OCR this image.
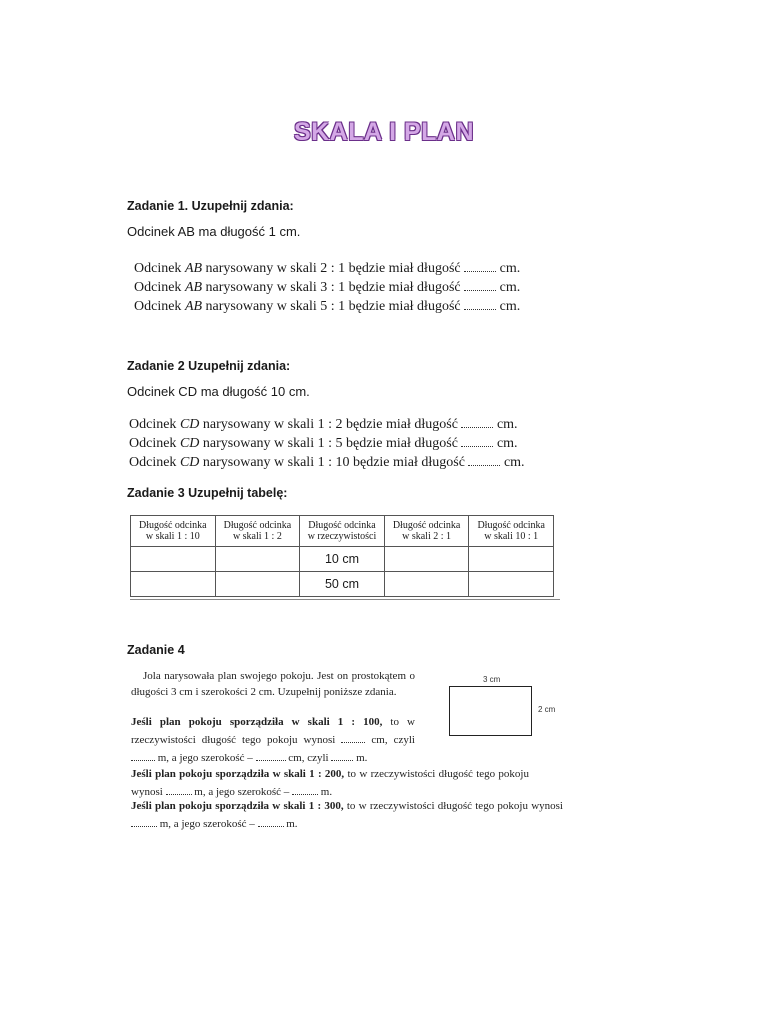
SKALA I PLAN
Zadanie 1. Uzupełnij zdania:
Odcinek AB ma długość 1 cm.
Odcinek AB narysowany w skali 2 : 1 będzie miał długość  cm.
Odcinek AB narysowany w skali 3 : 1 będzie miał długość  cm.
Odcinek AB narysowany w skali 5 : 1 będzie miał długość  cm.
Zadanie 2 Uzupełnij zdania:
Odcinek CD ma długość 10 cm.
Odcinek CD narysowany w skali 1 : 2 będzie miał długość  cm.
Odcinek CD narysowany w skali 1 : 5 będzie miał długość  cm.
Odcinek CD narysowany w skali 1 : 10 będzie miał długość  cm.
Zadanie 3 Uzupełnij tabelę:
Długość odcinka
w skali 1 : 10	Długość odcinka
w skali 1 : 2	Długość odcinka
w rzeczywistości	Długość odcinka
w skali 2 : 1	Długość odcinka
w skali 10 : 1
		10 cm		
		50 cm		
Zadanie 4
Jola narysowała plan swojego pokoju. Jest on prostokątem o długości 3 cm i szerokości 2 cm. Uzupełnij poniższe zdania.
Jeśli plan pokoju sporządziła w skali 1 : 100, to w rzeczywistości długość tego pokoju wynosi  cm, czyli  m, a jego szerokość –	cm, czyli  m.
Jeśli plan pokoju sporządziła w skali 1 : 200, to w rzeczywistości długość tego pokoju wynosi  m, a jego szerokość –  m.
Jeśli plan pokoju sporządziła w skali 1 : 300, to w rzeczywistości długość tego pokoju wynosi  m, a jego szerokość –  m.
3 cm
2 cm
